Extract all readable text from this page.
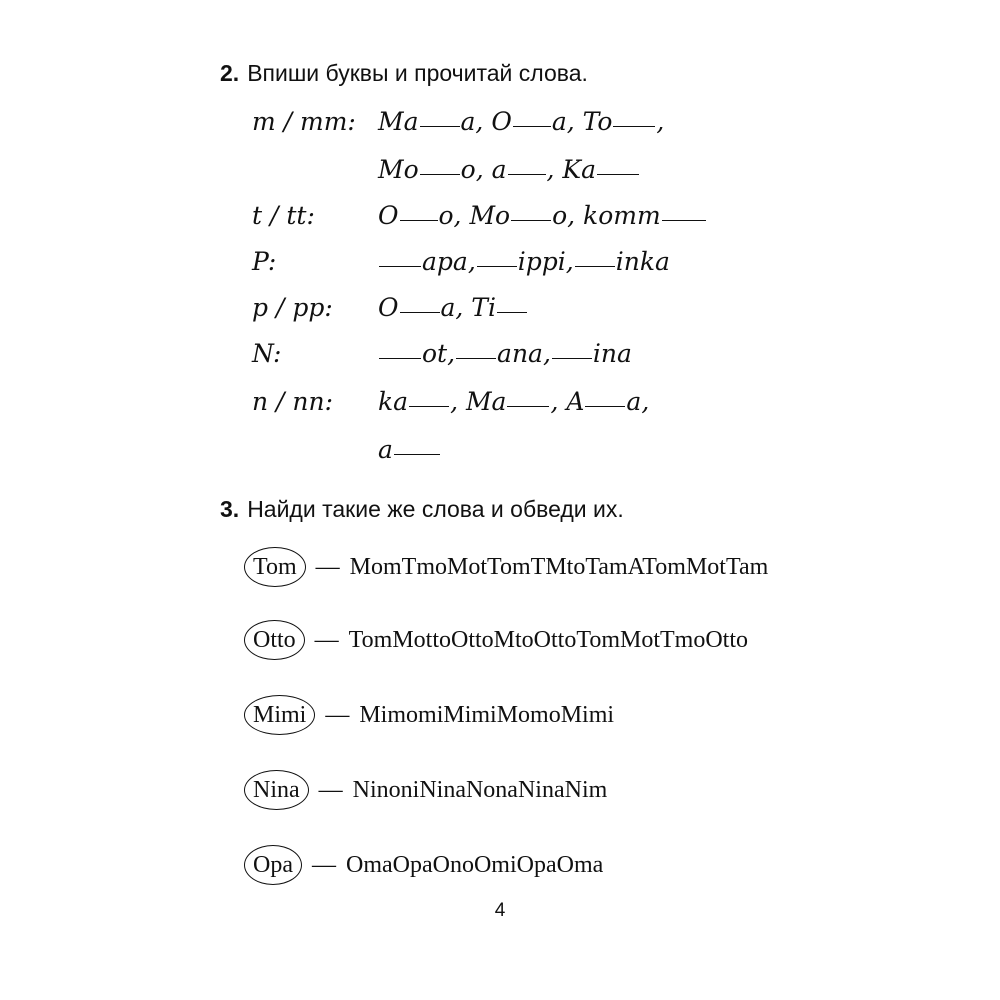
2. Впиши буквы и прочитай слова.
m / mm: Ma a, O a, To ,
Mo o, a , Ka
t / tt:	O o, Mo o, komm
P:	apa,ippi,inka
p / pp: O a, Ti
N:	ot,ana,ina
n / nn: ka , Ma , A a,
a
3. Найди такие же слова и обведи их.
Tom — MomTmoMotTomTMtoTamATomMotTam
Otto — TomMottoOttoMtoOttoTomMotTmoOtto
Mimi — MimomiMimiMomoMimi
Nina — NinoniNinaNonaNinaNim
Opa — OmaOpaOnoOmiOpaOma
4
